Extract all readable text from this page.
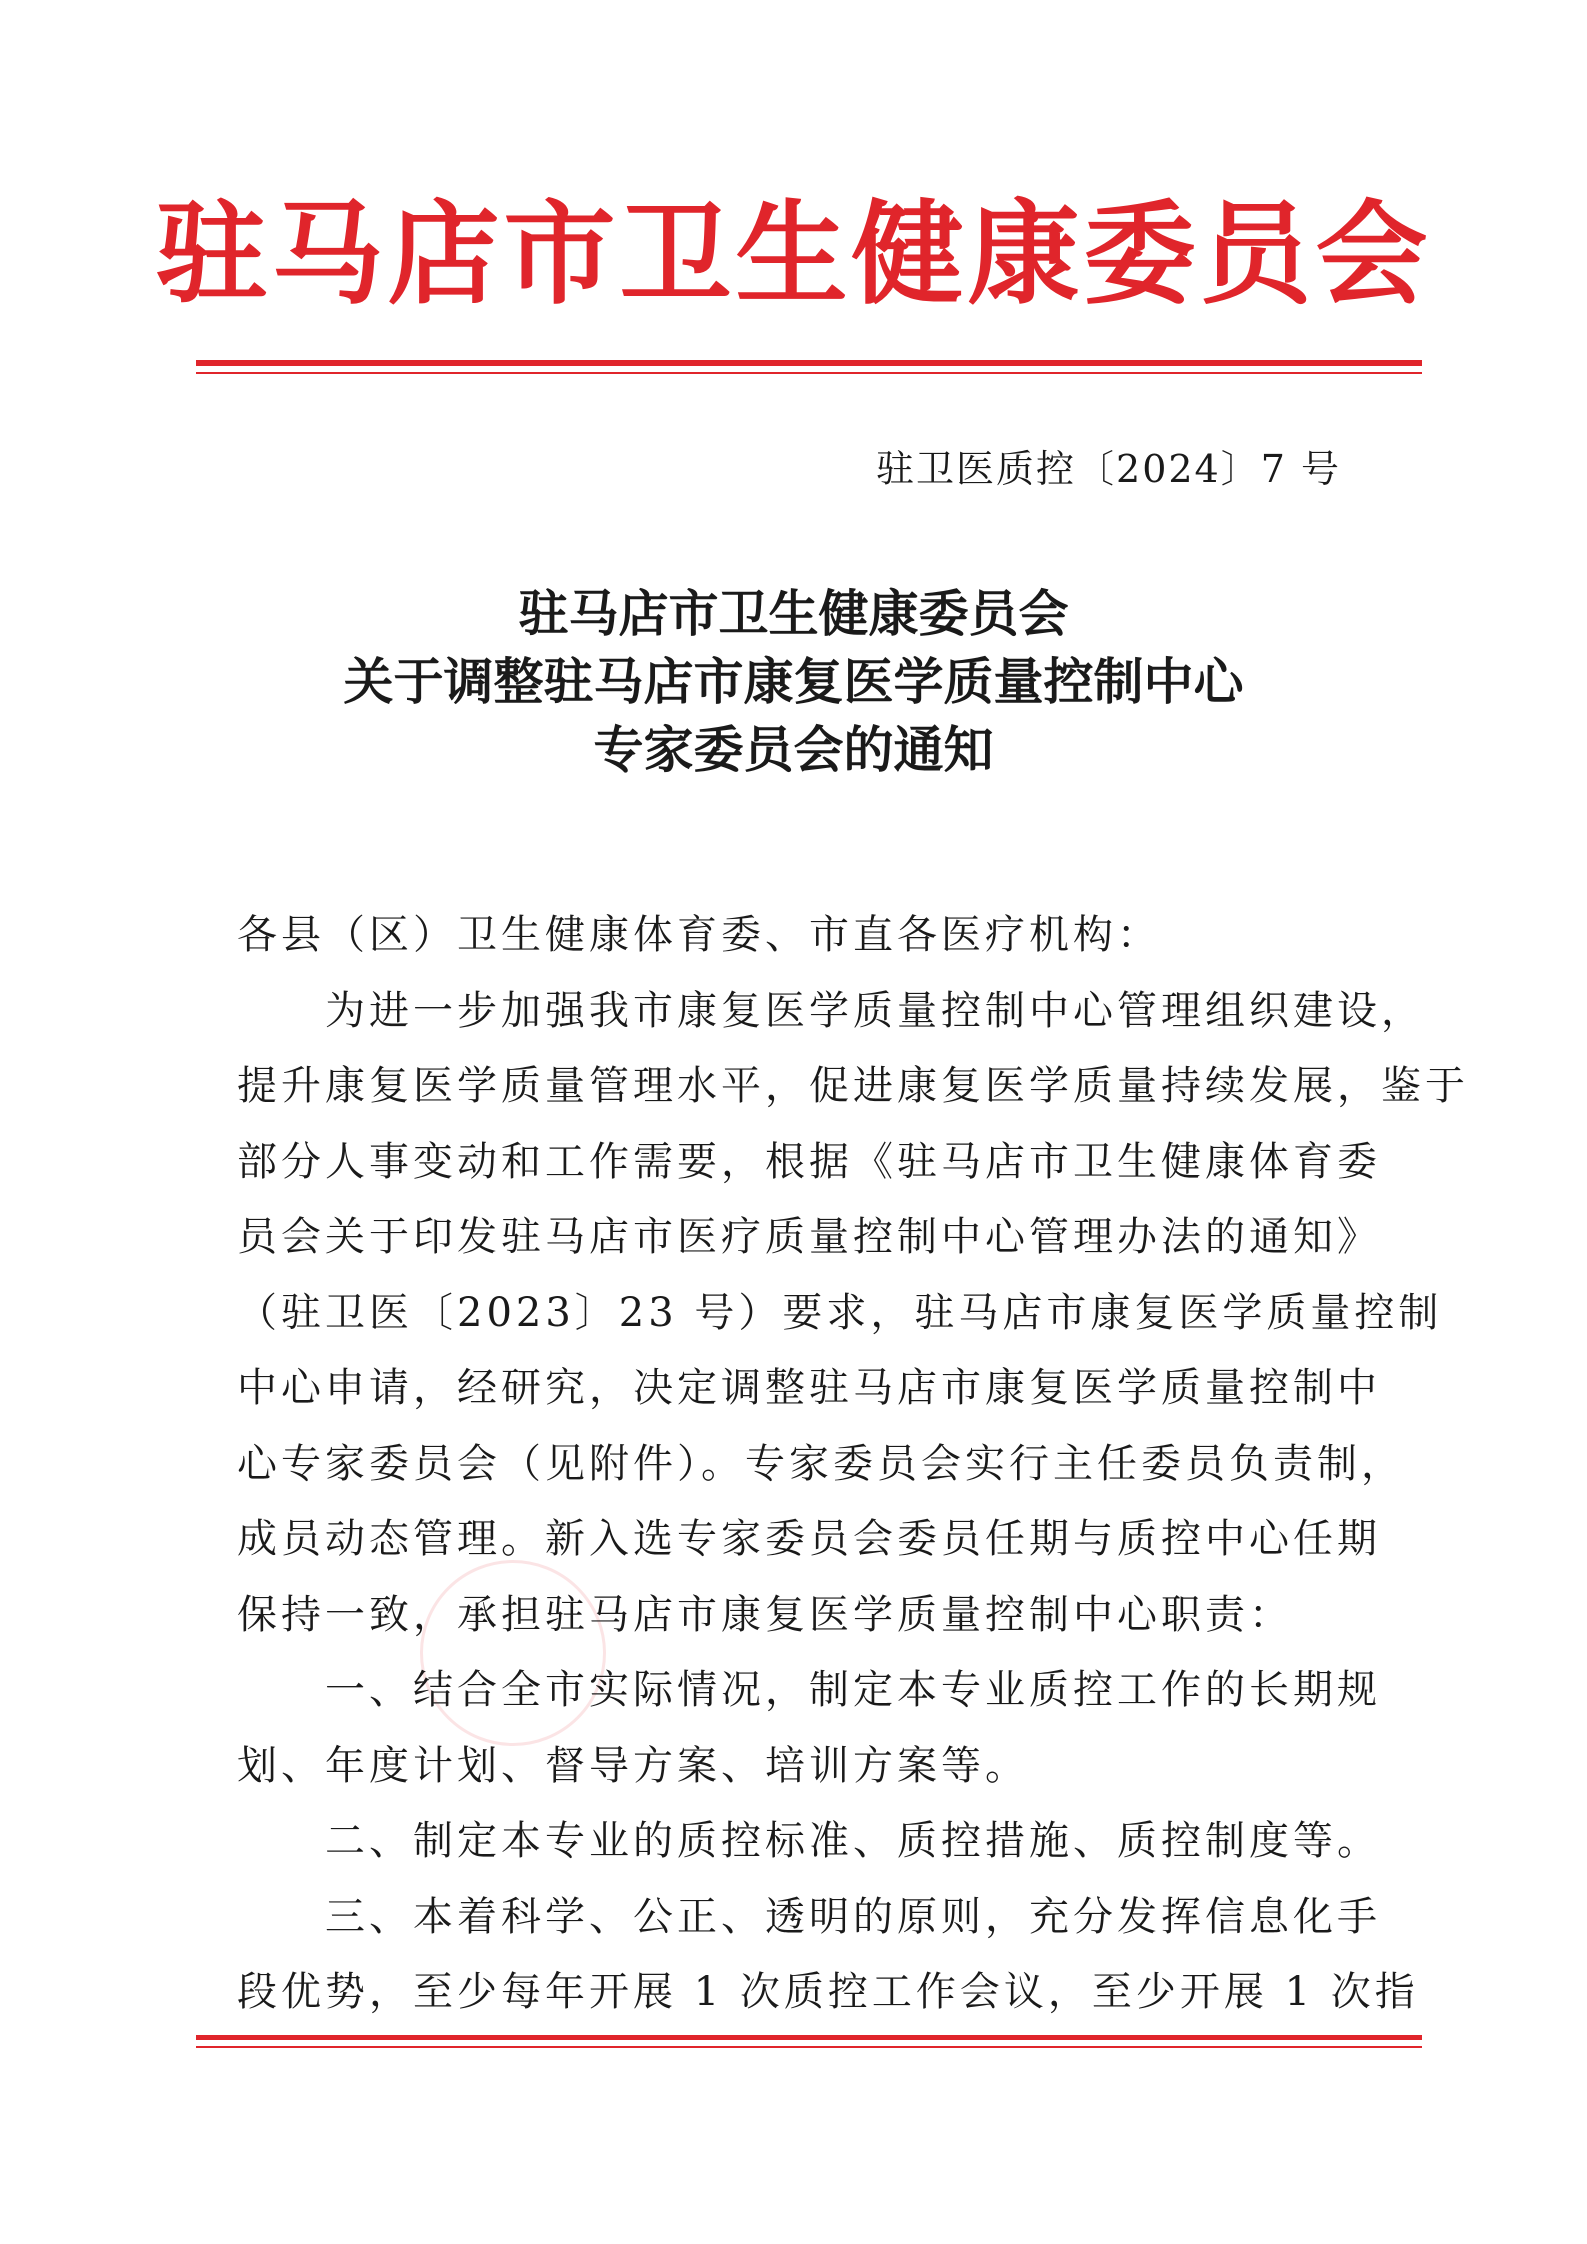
驻马店市卫生健康委员会
驻卫医质控〔2024〕7 号
驻马店市卫生健康委员会
关于调整驻马店市康复医学质量控制中心
专家委员会的通知
各县（区）卫生健康体育委、市直各医疗机构：
为进一步加强我市康复医学质量控制中心管理组织建设，
提升康复医学质量管理水平，促进康复医学质量持续发展，鉴于
部分人事变动和工作需要，根据《驻马店市卫生健康体育委
员会关于印发驻马店市医疗质量控制中心管理办法的通知》
（驻卫医〔2023〕23 号）要求，驻马店市康复医学质量控制
中心申请，经研究，决定调整驻马店市康复医学质量控制中
心专家委员会（见附件）。专家委员会实行主任委员负责制，
成员动态管理。新入选专家委员会委员任期与质控中心任期
保持一致，承担驻马店市康复医学质量控制中心职责：
一、结合全市实际情况，制定本专业质控工作的长期规
划、年度计划、督导方案、培训方案等。
二、制定本专业的质控标准、质控措施、质控制度等。
三、本着科学、公正、透明的原则，充分发挥信息化手
段优势，至少每年开展 1 次质控工作会议，至少开展 1 次指
